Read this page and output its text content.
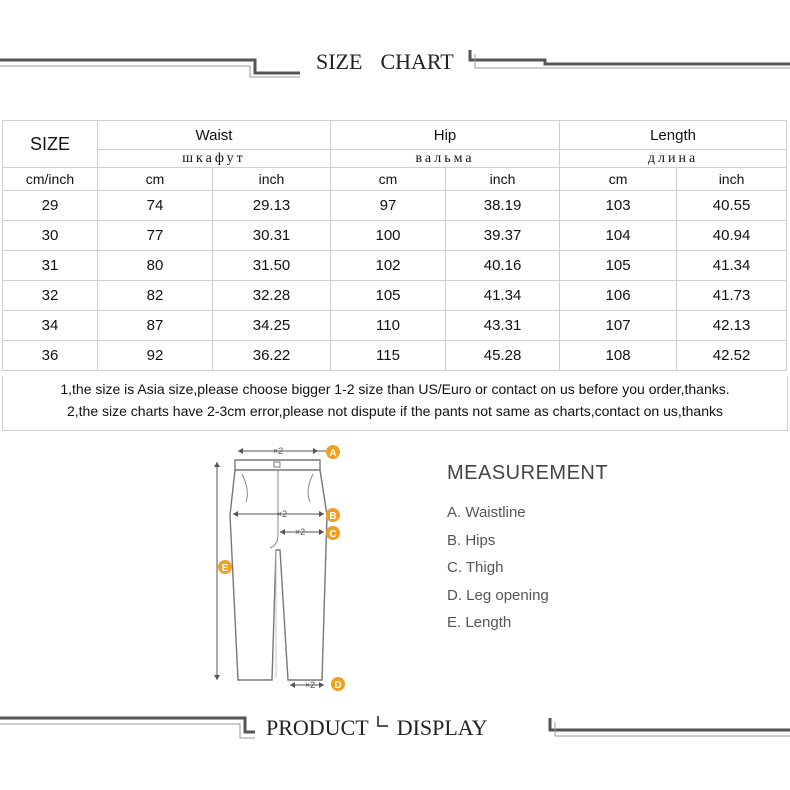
SIZE CHART
SIZE	Waist		Hip		Length	
	шкафут		вальма		длина	
cm/inch	cm	inch	cm	inch	cm	inch
29	74	29.13	97	38.19	103	40.55
30	77	30.31	100	39.37	104	40.94
31	80	31.50	102	40.16	105	41.34
32	82	32.28	105	41.34	106	41.73
34	87	34.25	110	43.31	107	42.13
36	92	36.22	115	45.28	108	42.52
1,the size is Asia size,please choose bigger 1-2 size than US/Euro or contact on us before you order,thanks.
2,the size charts have 2-3cm error,please not dispute if the pants not same as charts,contact on us,thanks
×2
×2
×2
×2
A
B
C
D
E
MEASUREMENT
A. Waistline
B. Hips
C. Thigh
D. Leg opening
E. Length
PRODUCT DISPLAY
